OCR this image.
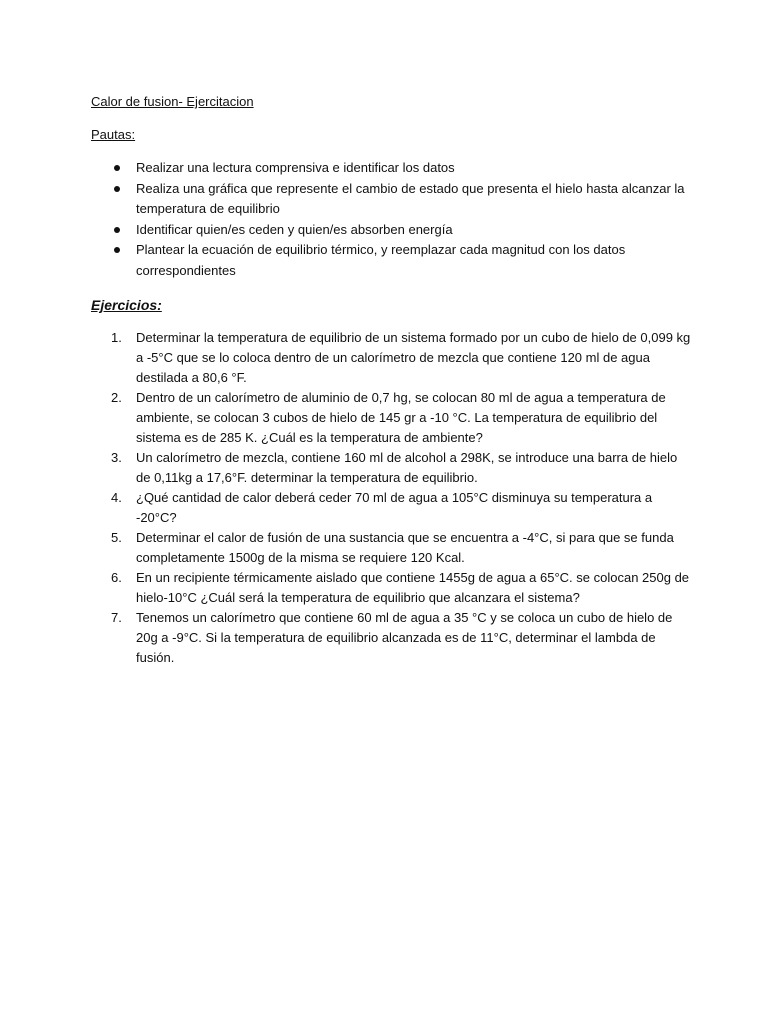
Calor de fusion- Ejercitacion
Pautas:
Realizar una lectura comprensiva e identificar los datos
Realiza una gráfica que represente el cambio de estado que presenta el hielo hasta alcanzar la temperatura de equilibrio
Identificar quien/es ceden y quien/es absorben energía
Plantear la ecuación de equilibrio térmico, y reemplazar cada magnitud con los datos correspondientes
Ejercicios:
1. Determinar la temperatura de equilibrio de un sistema formado por un cubo de hielo de 0,099 kg a -5°C que se lo coloca dentro de un calorímetro de mezcla que contiene 120 ml de agua destilada a 80,6 °F.
2. Dentro de un calorímetro de aluminio de 0,7 hg, se colocan 80 ml de agua a temperatura de ambiente, se colocan 3 cubos de hielo de 145 gr a -10 °C. La temperatura de equilibrio del sistema es de 285 K. ¿Cuál es la temperatura de ambiente?
3. Un calorímetro de mezcla, contiene 160 ml de alcohol a 298K, se introduce una barra de hielo de 0,11kg a 17,6°F. determinar la temperatura de equilibrio.
4. ¿Qué cantidad de calor deberá ceder 70 ml de agua a 105°C disminuya su temperatura a -20°C?
5. Determinar el calor de fusión de una sustancia que se encuentra a -4°C, si para que se funda completamente 1500g de la misma se requiere 120 Kcal.
6. En un recipiente térmicamente aislado que contiene 1455g de agua a 65°C. se colocan 250g de hielo-10°C ¿Cuál será la temperatura de equilibrio que alcanzara el sistema?
7. Tenemos un calorímetro que contiene 60 ml de agua a 35 °C y se coloca un cubo de hielo de 20g a -9°C. Si la temperatura de equilibrio alcanzada es de 11°C, determinar el lambda de fusión.
